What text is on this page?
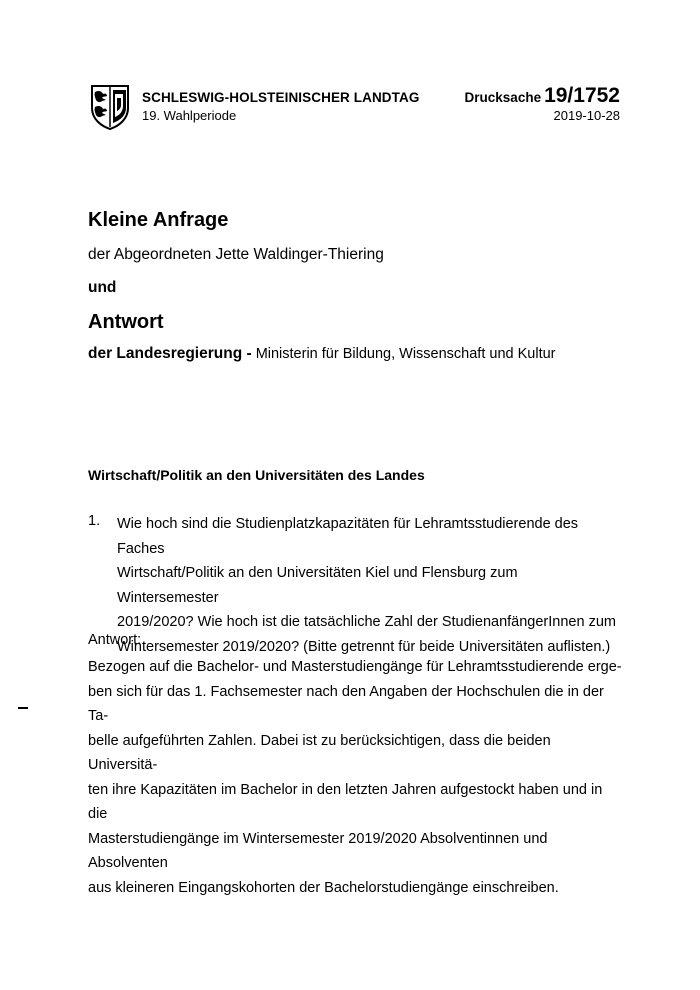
SCHLESWIG-HOLSTEINISCHER LANDTAG
19. Wahlperiode
Drucksache 19/1752
2019-10-28
Kleine Anfrage
der Abgeordneten Jette Waldinger-Thiering
und
Antwort
der Landesregierung - Ministerin für Bildung, Wissenschaft und Kultur
Wirtschaft/Politik an den Universitäten des Landes
1. Wie hoch sind die Studienplatzkapazitäten für Lehramtsstudierende des Faches
Wirtschaft/Politik an den Universitäten Kiel und Flensburg zum Wintersemester
2019/2020? Wie hoch ist die tatsächliche Zahl der StudienanfängerInnen zum
Wintersemester 2019/2020? (Bitte getrennt für beide Universitäten auflisten.)
Antwort:
Bezogen auf die Bachelor- und Masterstudiengänge für Lehramtsstudierende erge-
ben sich für das 1. Fachsemester nach den Angaben der Hochschulen die in der Ta-
belle aufgeführten Zahlen. Dabei ist zu berücksichtigen, dass die beiden Universitä-
ten ihre Kapazitäten im Bachelor in den letzten Jahren aufgestockt haben und in die
Masterstudiengänge im Wintersemester 2019/2020 Absolventinnen und Absolventen
aus kleineren Eingangskohorten der Bachelorstudiengänge einschreiben.
